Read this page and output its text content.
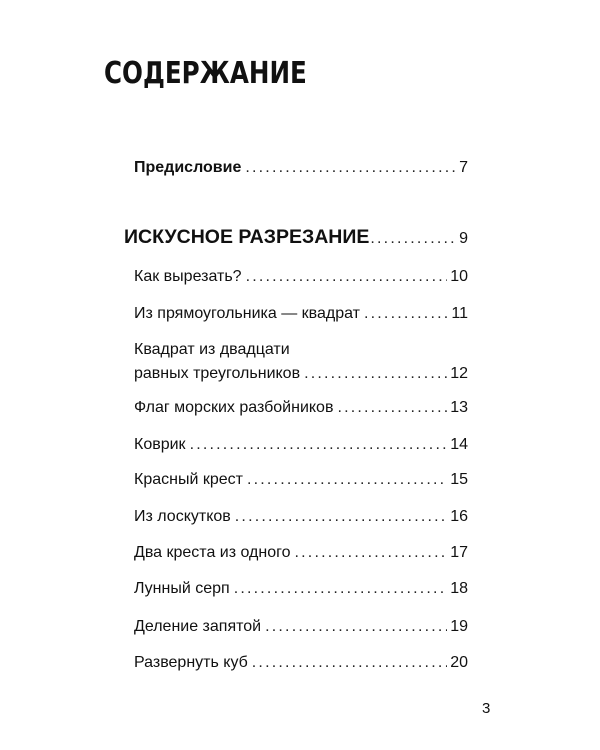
СОДЕРЖАНИЕ
Предисловие .....	7
ИСКУСНОЕ РАЗРЕЗАНИЕ .....	9
Как вырезать? .....	10
Из прямоугольника — квадрат .....	11
Квадрат из двадцати
равных треугольников .....	12
Флаг морских разбойников .....	13
Коврик .....	14
Красный крест .....	15
Из лоскутков .....	16
Два креста из одного .....	17
Лунный серп .....	18
Деление запятой .....	19
Развернуть куб .....	20
3
